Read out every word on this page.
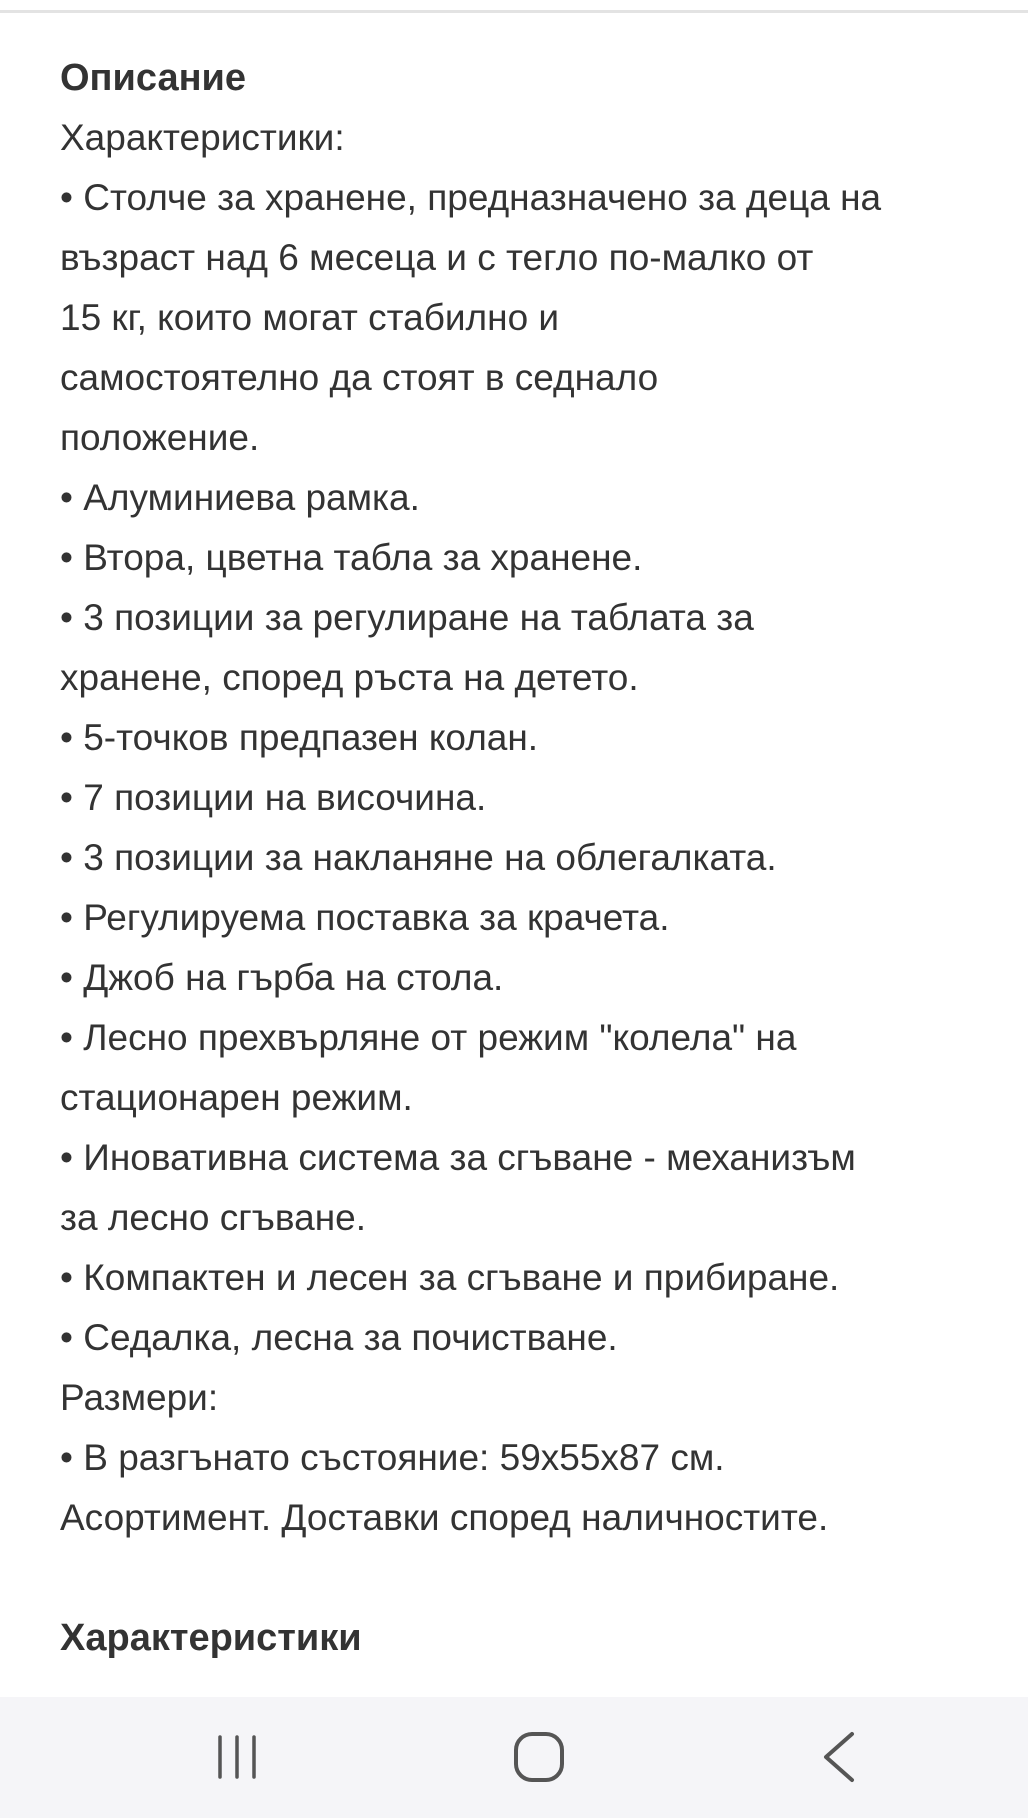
Описание

Характеристики:

• Столче за хранене, предназначено за деца на

възраст над 6 месеца и с тегло по-малко от

15 кг, които могат стабилно и

самостоятелно да стоят в седнало

положение.

• Алуминиева рамка.

• Втора, цветна табла за хранене.

• 3 позиции за регулиране на таблата за

хранене, според ръста на детето.

• 5-точков предпазен колан.

• 7 позиции на височина.

• 3 позиции за накланяне на облегалката.

• Регулируема поставка за крачета.

• Джоб на гърба на стола.

• Лесно прехвърляне от режим "колела" на

стационарен режим.

• Иновативна система за сгъване - механизъм

за лесно сгъване.

• Компактен и лесен за сгъване и прибиране.

• Седалка, лесна за почистване.

Размери:

• В разгънато състояние: 59x55x87 см.

Асортимент. Доставки според наличностите.

Характеристики
